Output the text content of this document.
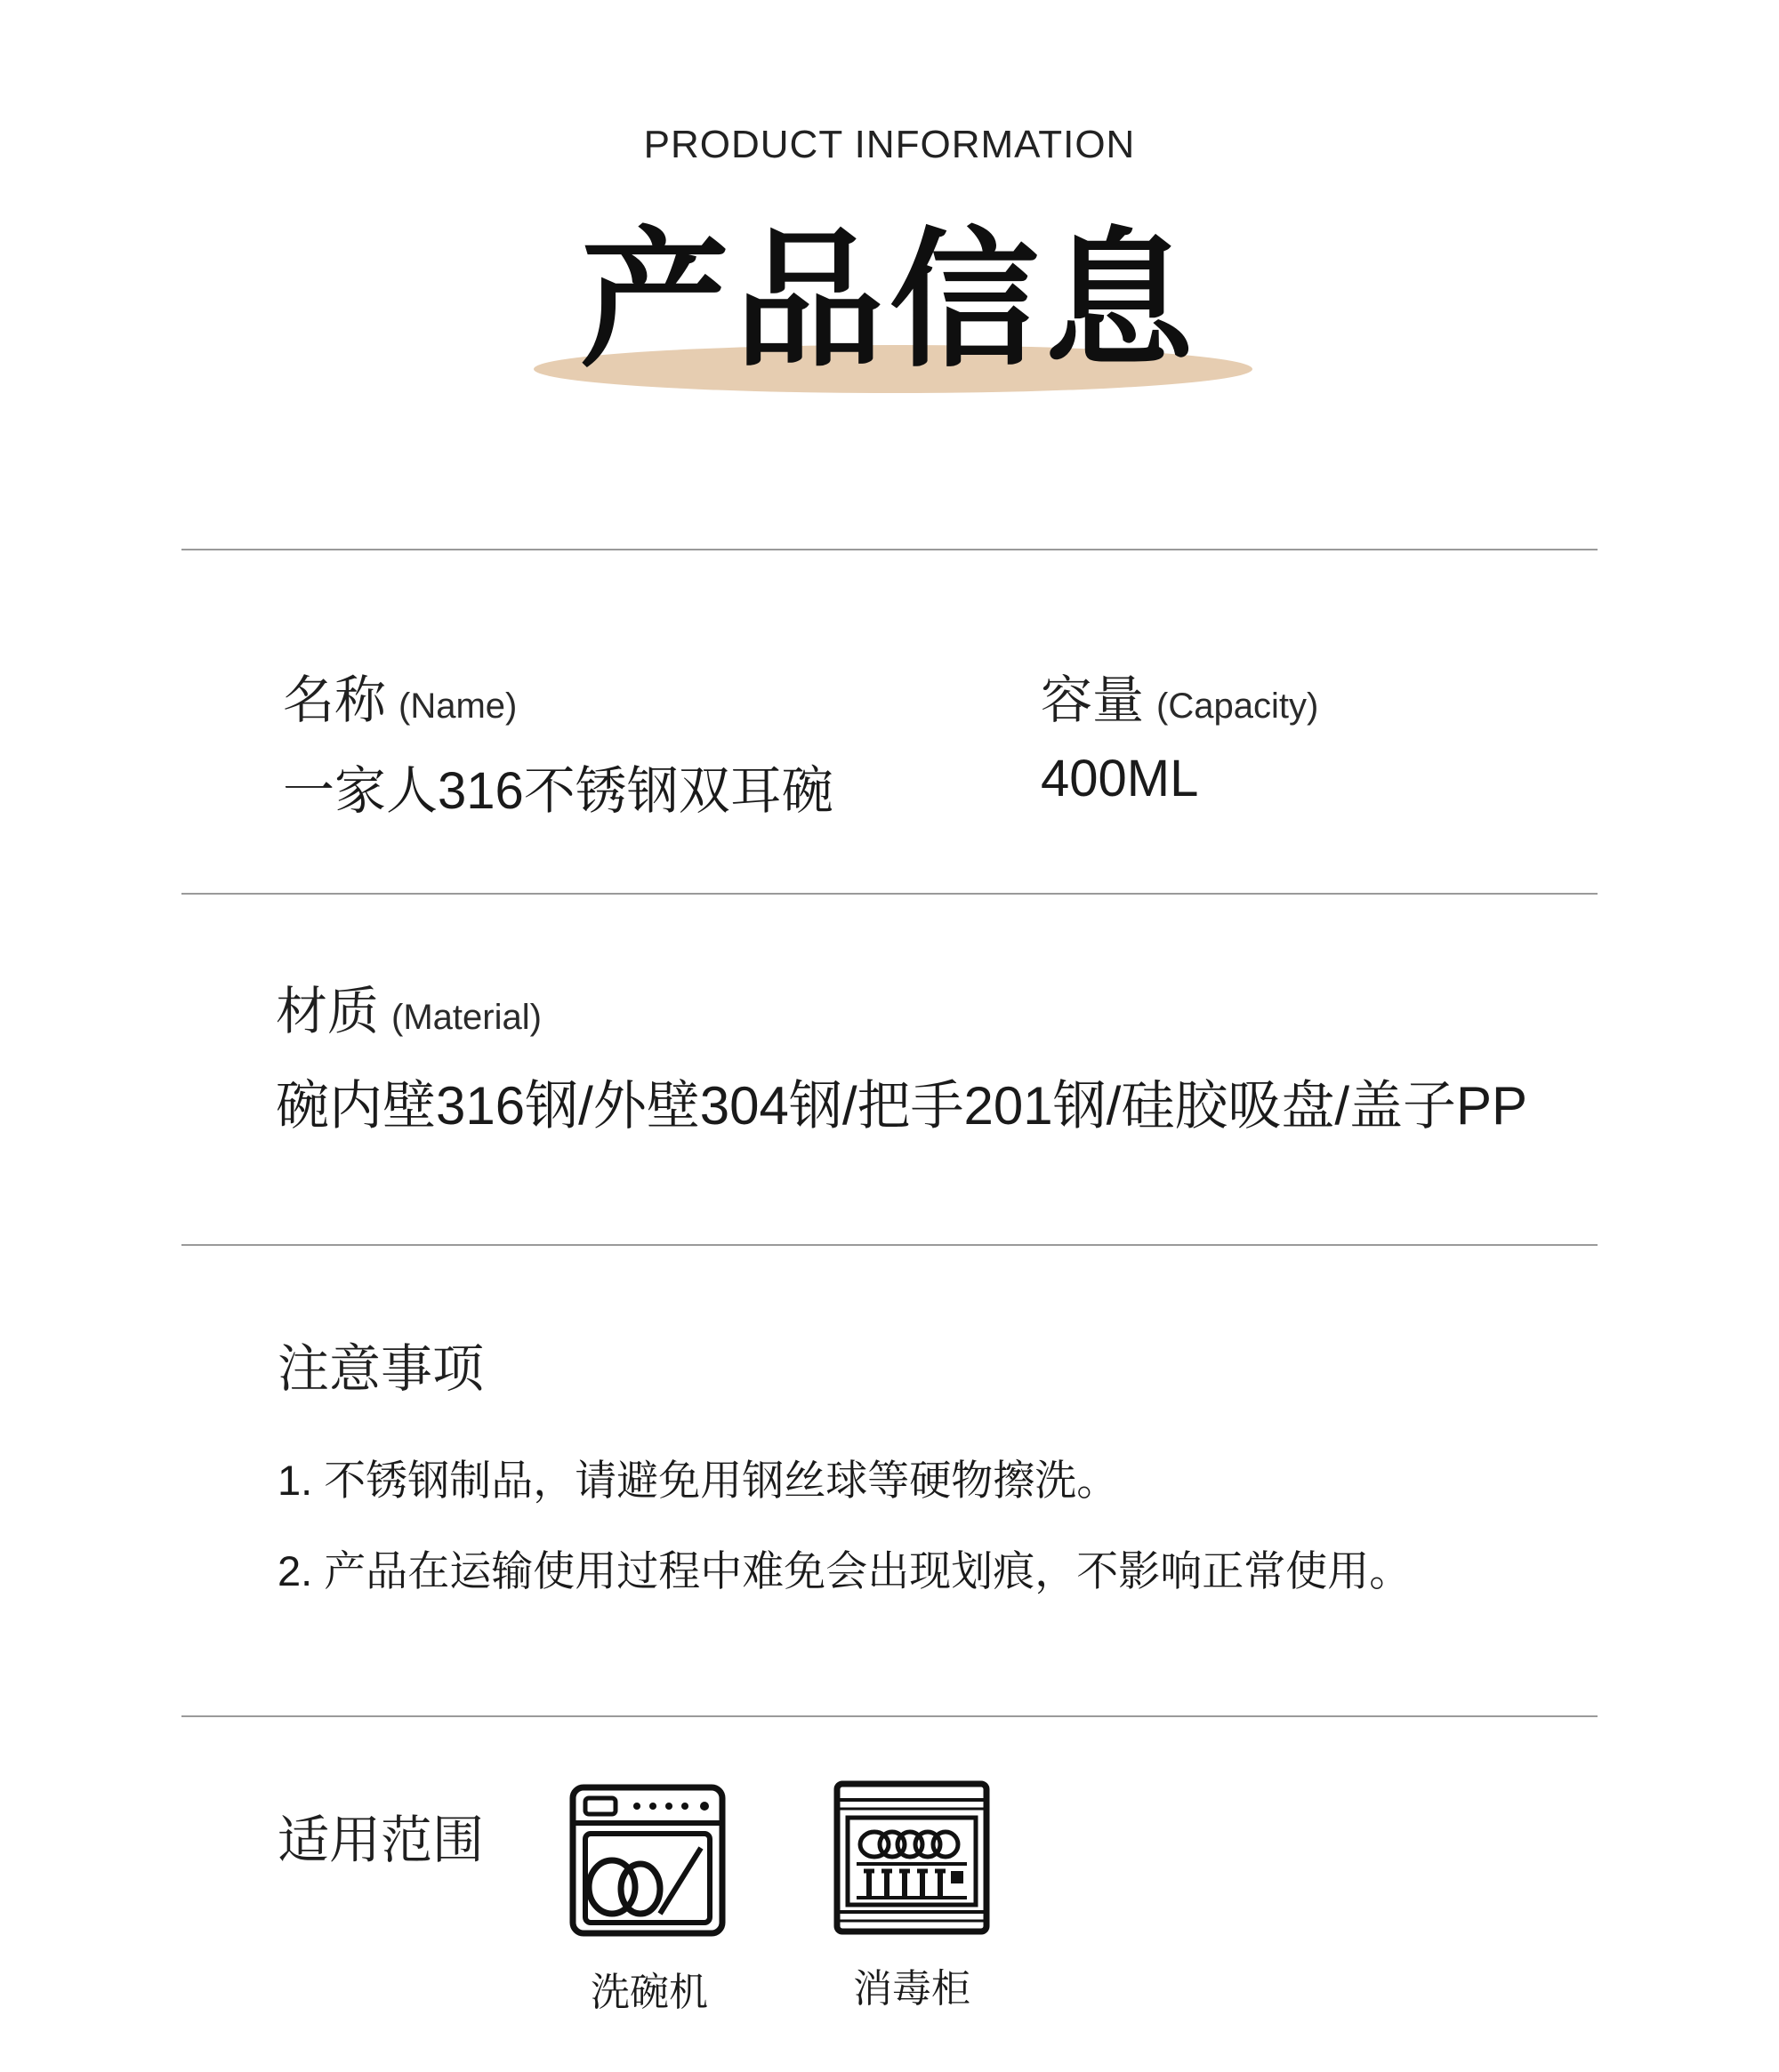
PRODUCT INFORMATION
产品信息
名称 (Name)
一家人316不锈钢双耳碗
容量 (Capacity)
400ML
材质 (Material)
碗内壁316钢/外壁304钢/把手201钢/硅胶吸盘/盖子PP
注意事项
1. 不锈钢制品，请避免用钢丝球等硬物擦洗。
2. 产品在运输使用过程中难免会出现划痕，不影响正常使用。
适用范围
洗碗机	消毒柜
